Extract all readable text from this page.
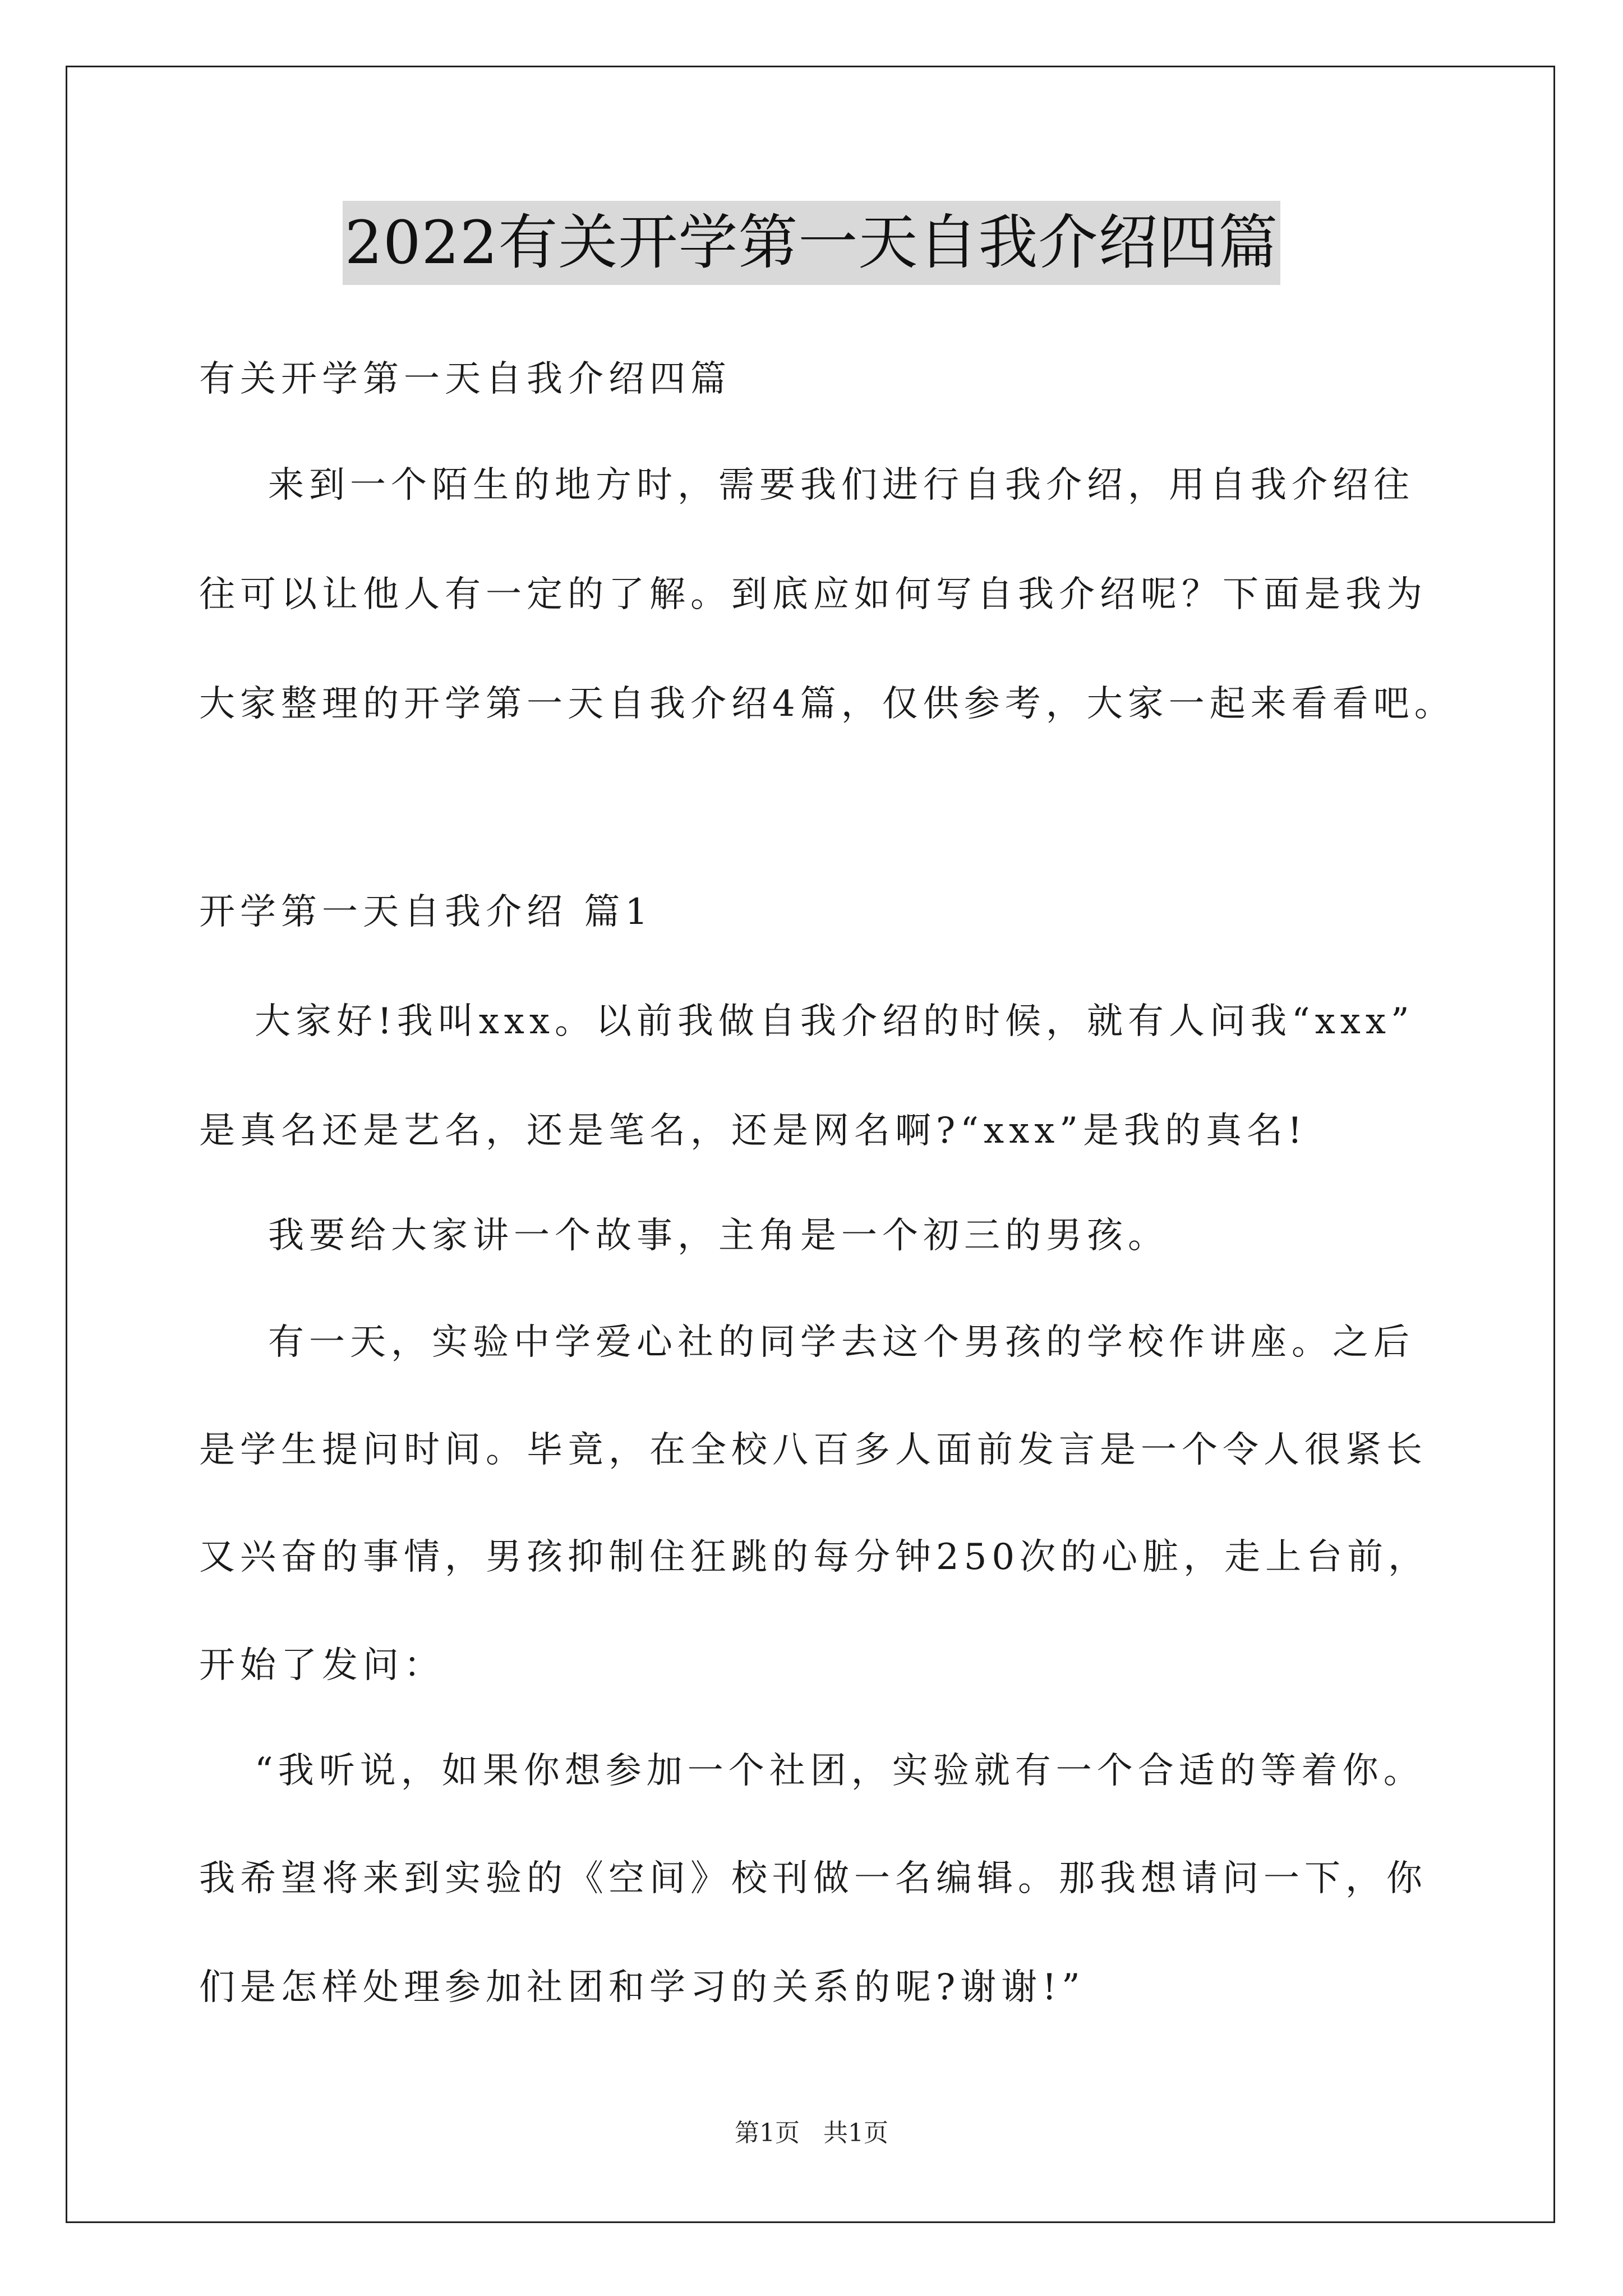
2022有关开学第一天自我介绍四篇
有关开学第一天自我介绍四篇
来到一个陌生的地方时，需要我们进行自我介绍，用自我介绍往
往可以让他人有一定的了解。到底应如何写自我介绍呢？下面是我为
大家整理的开学第一天自我介绍4篇，仅供参考，大家一起来看看吧。
开学第一天自我介绍 篇1
大家好!我叫xxx。以前我做自我介绍的时候，就有人问我“xxx”
是真名还是艺名，还是笔名，还是网名啊?“xxx”是我的真名!
我要给大家讲一个故事，主角是一个初三的男孩。
有一天，实验中学爱心社的同学去这个男孩的学校作讲座。之后
是学生提问时间。毕竟，在全校八百多人面前发言是一个令人很紧长
又兴奋的事情，男孩抑制住狂跳的每分钟250次的心脏，走上台前，
开始了发问：
“我听说，如果你想参加一个社团，实验就有一个合适的等着你。
我希望将来到实验的《空间》校刊做一名编辑。那我想请问一下，你
们是怎样处理参加社团和学习的关系的呢?谢谢!”
第1页 共1页
